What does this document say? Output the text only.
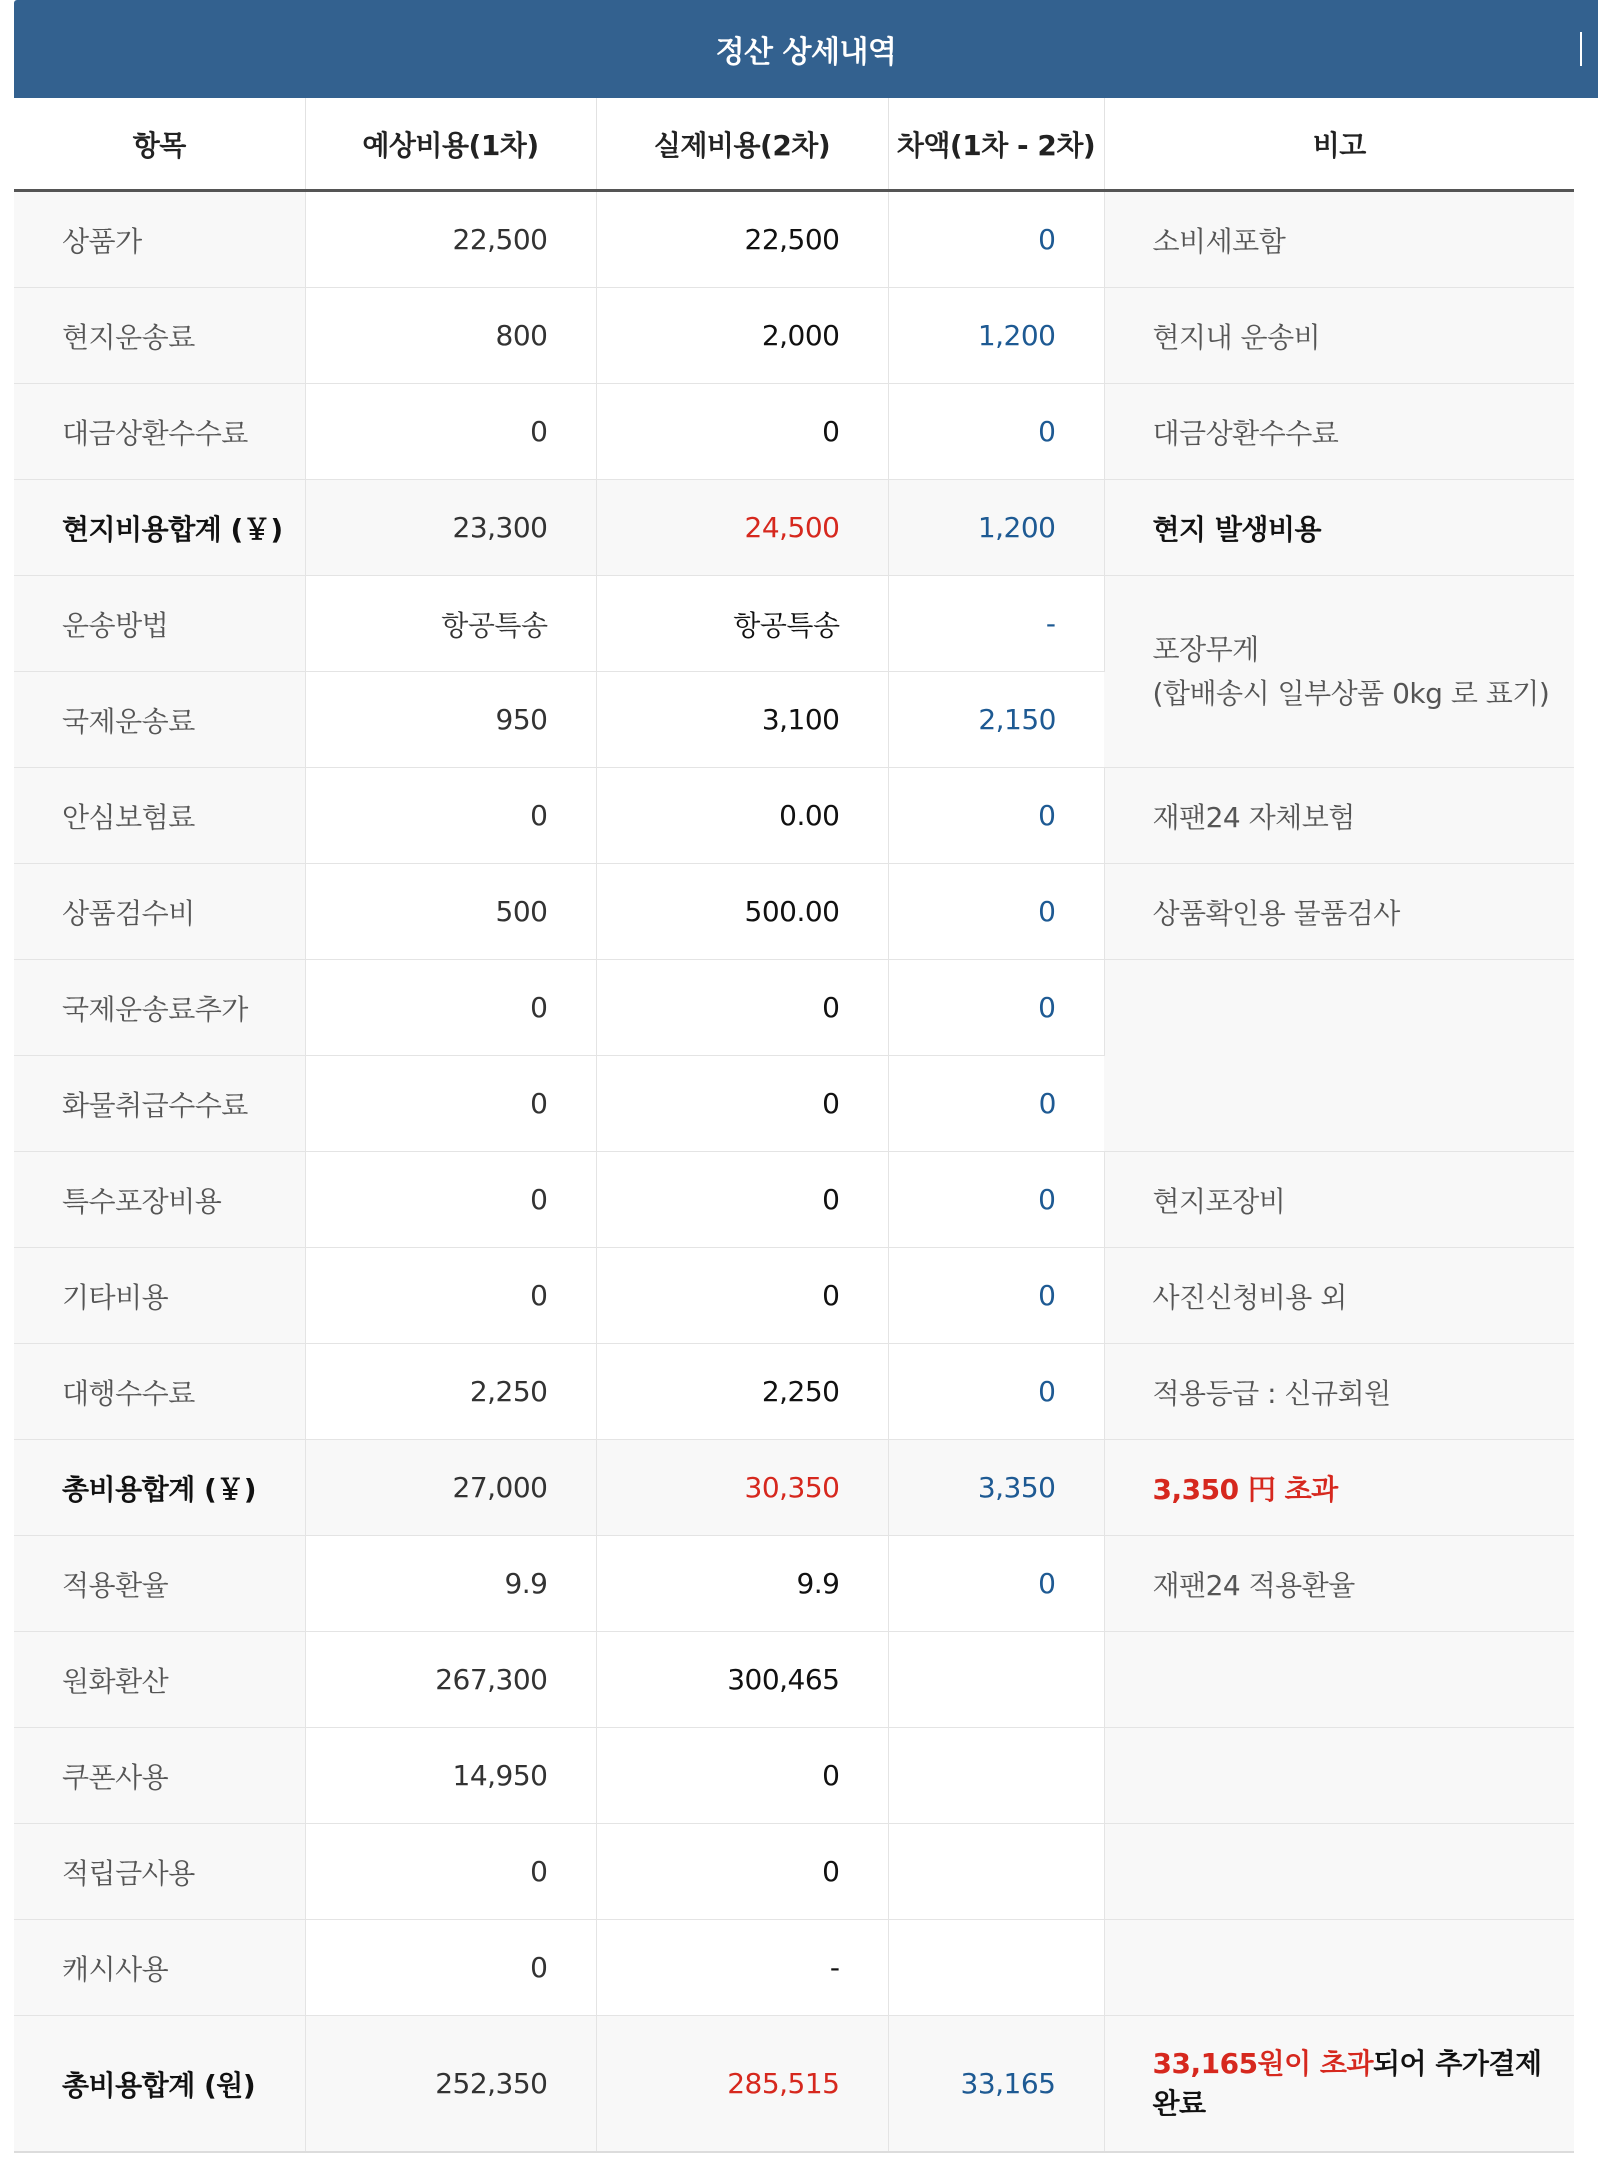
정산 상세내역
항목	예상비용(1차)	실제비용(2차)	차액(1차 - 2차)	비고
상품가	22,500	22,500	0	소비세포함
현지운송료	800	2,000	1,200	현지내 운송비
대금상환수수료	0	0	0	대금상환수수료
현지비용합계 (￥)	23,300	24,500	1,200	현지 발생비용
운송방법	항공특송	항공특송	-	포장무게
(합배송시 일부상품 0kg 로 표기)

국제운송료	950	3,100	2,150	
안심보험료	0	0.00	0	재팬24 자체보험
상품검수비	500	500.00	0	상품확인용 물품검사
국제운송료추가	0	0	0	
화물취급수수료	0	0	0	
특수포장비용	0	0	0	현지포장비
기타비용	0	0	0	사진신청비용 외
대행수수료	2,250	2,250	0	적용등급 : 신규회원
총비용합계 (￥)	27,000	30,350	3,350	3,350 円 초과
적용환율	9.9	9.9	0	재팬24 적용환율
원화환산	267,300	300,465		
쿠폰사용	14,950	0		
적립금사용	0	0		
캐시사용	0	-		
총비용합계 (원)	252,350	285,515	33,165	33,165원이 초과되어 추가결제완료
